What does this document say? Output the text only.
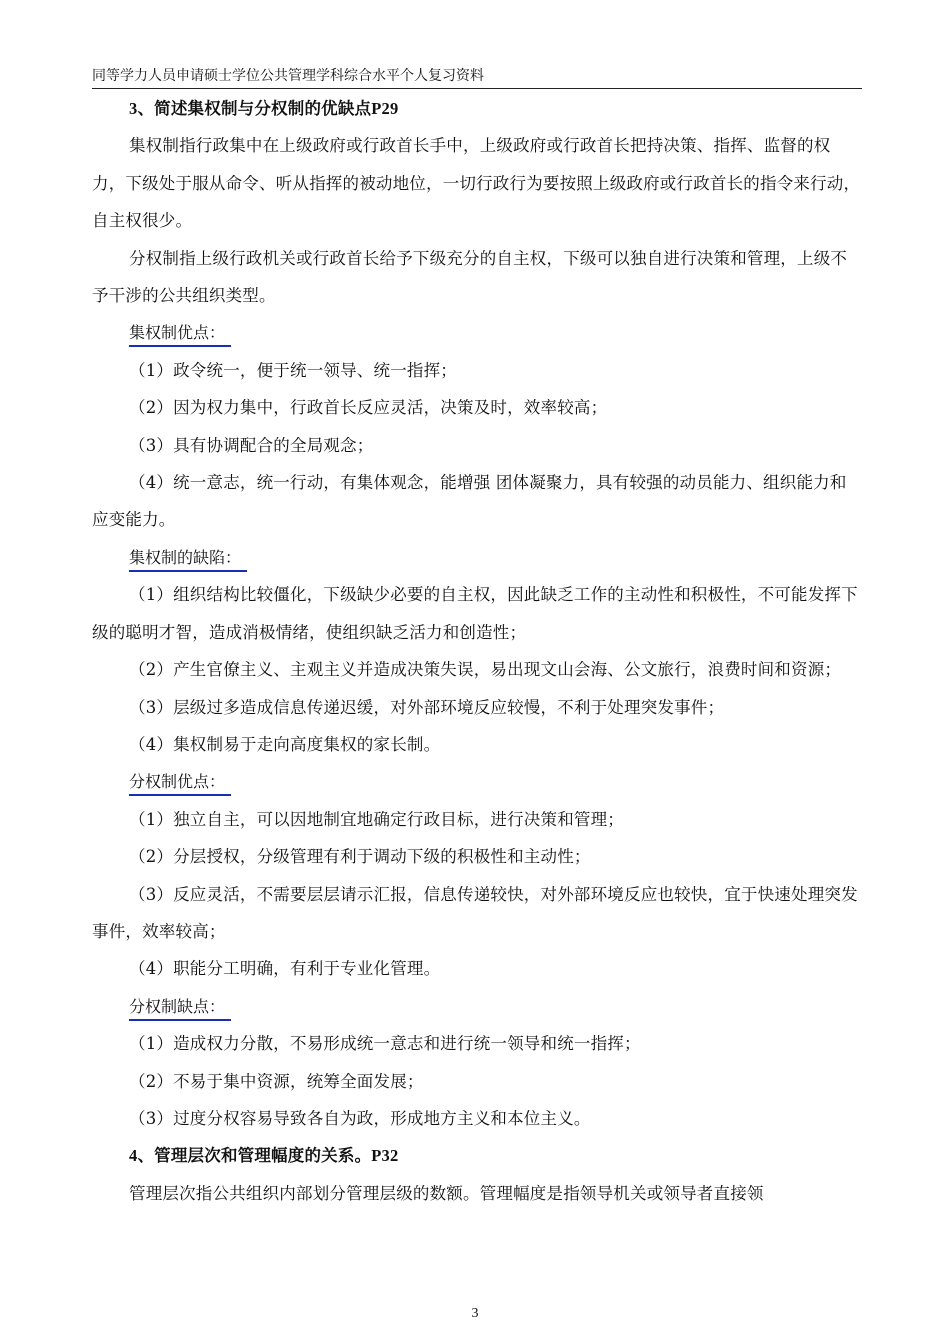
同等学力人员申请硕士学位公共管理学科综合水平个人复习资料

3、简述集权制与分权制的优缺点P29

集权制指行政集中在上级政府或行政首长手中，上级政府或行政首长把持决策、指挥、监督的权力，下级处于服从命令、听从指挥的被动地位，一切行政行为要按照上级政府或行政首长的指令来行动，自主权很少。

分权制指上级行政机关或行政首长给予下级充分的自主权，下级可以独自进行决策和管理，上级不予干涉的公共组织类型。

集权制优点：

（1）政令统一，便于统一领导、统一指挥；

（2）因为权力集中，行政首长反应灵活，决策及时，效率较高；

（3）具有协调配合的全局观念；

（4）统一意志，统一行动，有集体观念，能增强 团体凝聚力，具有较强的动员能力、组织能力和应变能力。

集权制的缺陷：

（1）组织结构比较僵化，下级缺少必要的自主权，因此缺乏工作的主动性和积极性，不可能发挥下级的聪明才智，造成消极情绪，使组织缺乏活力和创造性；

（2）产生官僚主义、主观主义并造成决策失误，易出现文山会海、公文旅行，浪费时间和资源；

（3）层级过多造成信息传递迟缓，对外部环境反应较慢，不利于处理突发事件；

（4）集权制易于走向高度集权的家长制。

分权制优点：

（1）独立自主，可以因地制宜地确定行政目标，进行决策和管理；

（2）分层授权，分级管理有利于调动下级的积极性和主动性；

（3）反应灵活，不需要层层请示汇报，信息传递较快，对外部环境反应也较快，宜于快速处理突发事件，效率较高；

（4）职能分工明确，有利于专业化管理。

分权制缺点：

（1）造成权力分散，不易形成统一意志和进行统一领导和统一指挥；

（2）不易于集中资源，统筹全面发展；

（3）过度分权容易导致各自为政，形成地方主义和本位主义。

4、管理层次和管理幅度的关系。P32

管理层次指公共组织内部划分管理层级的数额。管理幅度是指领导机关或领导者直接领

3
